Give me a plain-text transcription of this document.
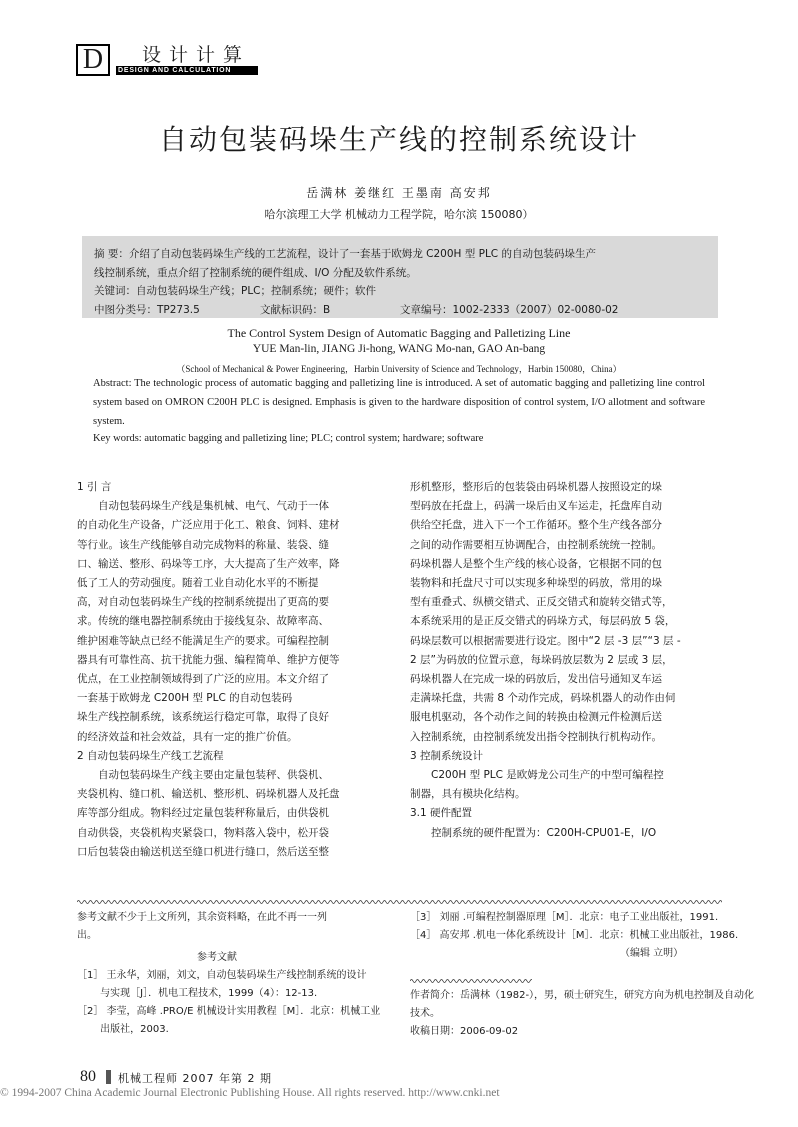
D	设计计算
DESIGN AND CALCULATION
自动包装码垛生产线的控制系统设计
岳满林 姜继红 王墨南 高安邦
哈尔滨理工大学 机械动力工程学院，哈尔滨 150080）
摘 要：介绍了自动包装码垛生产线的工艺流程，设计了一套基于欧姆龙 C200H 型 PLC 的自动包装码垛生产
线控制系统，重点介绍了控制系统的硬件组成、I/O 分配及软件系统。
关键词：自动包装码垛生产线；PLC；控制系统；硬件；软件
中图分类号：TP273.5	文献标识码：B	文章编号：1002-2333（2007）02-0080-02
The Control System Design of Automatic Bagging and Palletizing Line
YUE Man-lin, JIANG Ji-hong, WANG Mo-nan, GAO An-bang
（School of Mechanical & Power Engineering，Harbin University of Science and Technology，Harbin 150080，China）
Abstract: The technologic process of automatic bagging and palletizing line is introduced. A set of automatic bagging and palletizing line control system based on OMRON C200H PLC is designed. Emphasis is given to the hardware disposition of control system, I/O allotment and software system.
Key words: automatic bagging and palletizing line; PLC; control system; hardware; software

1 引 言

　　自动包装码垛生产线是集机械、电气、气动于一体

的自动化生产设备，广泛应用于化工、粮食、饲料、建材

等行业。该生产线能够自动完成物料的称量、装袋、缝

口、输送、整形、码垛等工序，大大提高了生产效率，降

低了工人的劳动强度。随着工业自动化水平的不断提

高，对自动包装码垛生产线的控制系统提出了更高的要

求。传统的继电器控制系统由于接线复杂、故障率高、

维护困难等缺点已经不能满足生产的要求。可编程控制

器具有可靠性高、抗干扰能力强、编程简单、维护方便等

优点，在工业控制领域得到了广泛的应用。本文介绍了

一套基于欧姆龙 C200H 型 PLC 的自动包装码

垛生产线控制系统，该系统运行稳定可靠，取得了良好

的经济效益和社会效益，具有一定的推广价值。

2 自动包装码垛生产线工艺流程

　　自动包装码垛生产线主要由定量包装秤、供袋机、

夹袋机构、缝口机、输送机、整形机、码垛机器人及托盘

库等部分组成。物料经过定量包装秤称量后，由供袋机

自动供袋，夹袋机构夹紧袋口，物料落入袋中，松开袋

口后包装袋由输送机送至缝口机进行缝口，然后送至整

形机整形，整形后的包装袋由码垛机器人按照设定的垛

型码放在托盘上，码满一垛后由叉车运走，托盘库自动

供给空托盘，进入下一个工作循环。整个生产线各部分

之间的动作需要相互协调配合，由控制系统统一控制。

码垛机器人是整个生产线的核心设备，它根据不同的包

装物料和托盘尺寸可以实现多种垛型的码放，常用的垛

型有重叠式、纵横交错式、正反交错式和旋转交错式等，

本系统采用的是正反交错式的码垛方式，每层码放 5 袋，

码垛层数可以根据需要进行设定。图中“2 层 -3 层”“3 层 -

2 层”为码放的位置示意，每垛码放层数为 2 层或 3 层，

码垛机器人在完成一垛的码放后，发出信号通知叉车运

走满垛托盘，共需 8 个动作完成，码垛机器人的动作由伺

服电机驱动，各个动作之间的转换由检测元件检测后送

入控制系统，由控制系统发出指令控制执行机构动作。

3 控制系统设计

　　C200H 型 PLC 是欧姆龙公司生产的中型可编程控

制器，具有模块化结构。

3.1 硬件配置

　　控制系统的硬件配置为：C200H-CPU01-E，I/O

参考文献不少于上文所列，其余资料略，在此不再一一列
出。
参考文献
［1］ 王永华，刘丽，刘文，自动包装码垛生产线控制系统的设计
　　 与实现［J］．机电工程技术，1999（4）：12-13.
［2］ 李莹，高峰 .PRO/E 机械设计实用教程［M］．北京：机械工业
　　 出版社，2003.
［3］ 刘丽 .可编程控制器原理［M］．北京：电子工业出版社，1991.
［4］ 高安邦 .机电一体化系统设计［M］．北京：机械工业出版社，1986.
（编辑 立明）
作者简介：岳满林（1982-），男，硕士研究生，研究方向为机电控制及自动化
技术。
收稿日期：2006-09-02
80 机械工程师 2007 年第 2 期
© 1994-2007 China Academic Journal Electronic Publishing House. All rights reserved. http://www.cnki.net
